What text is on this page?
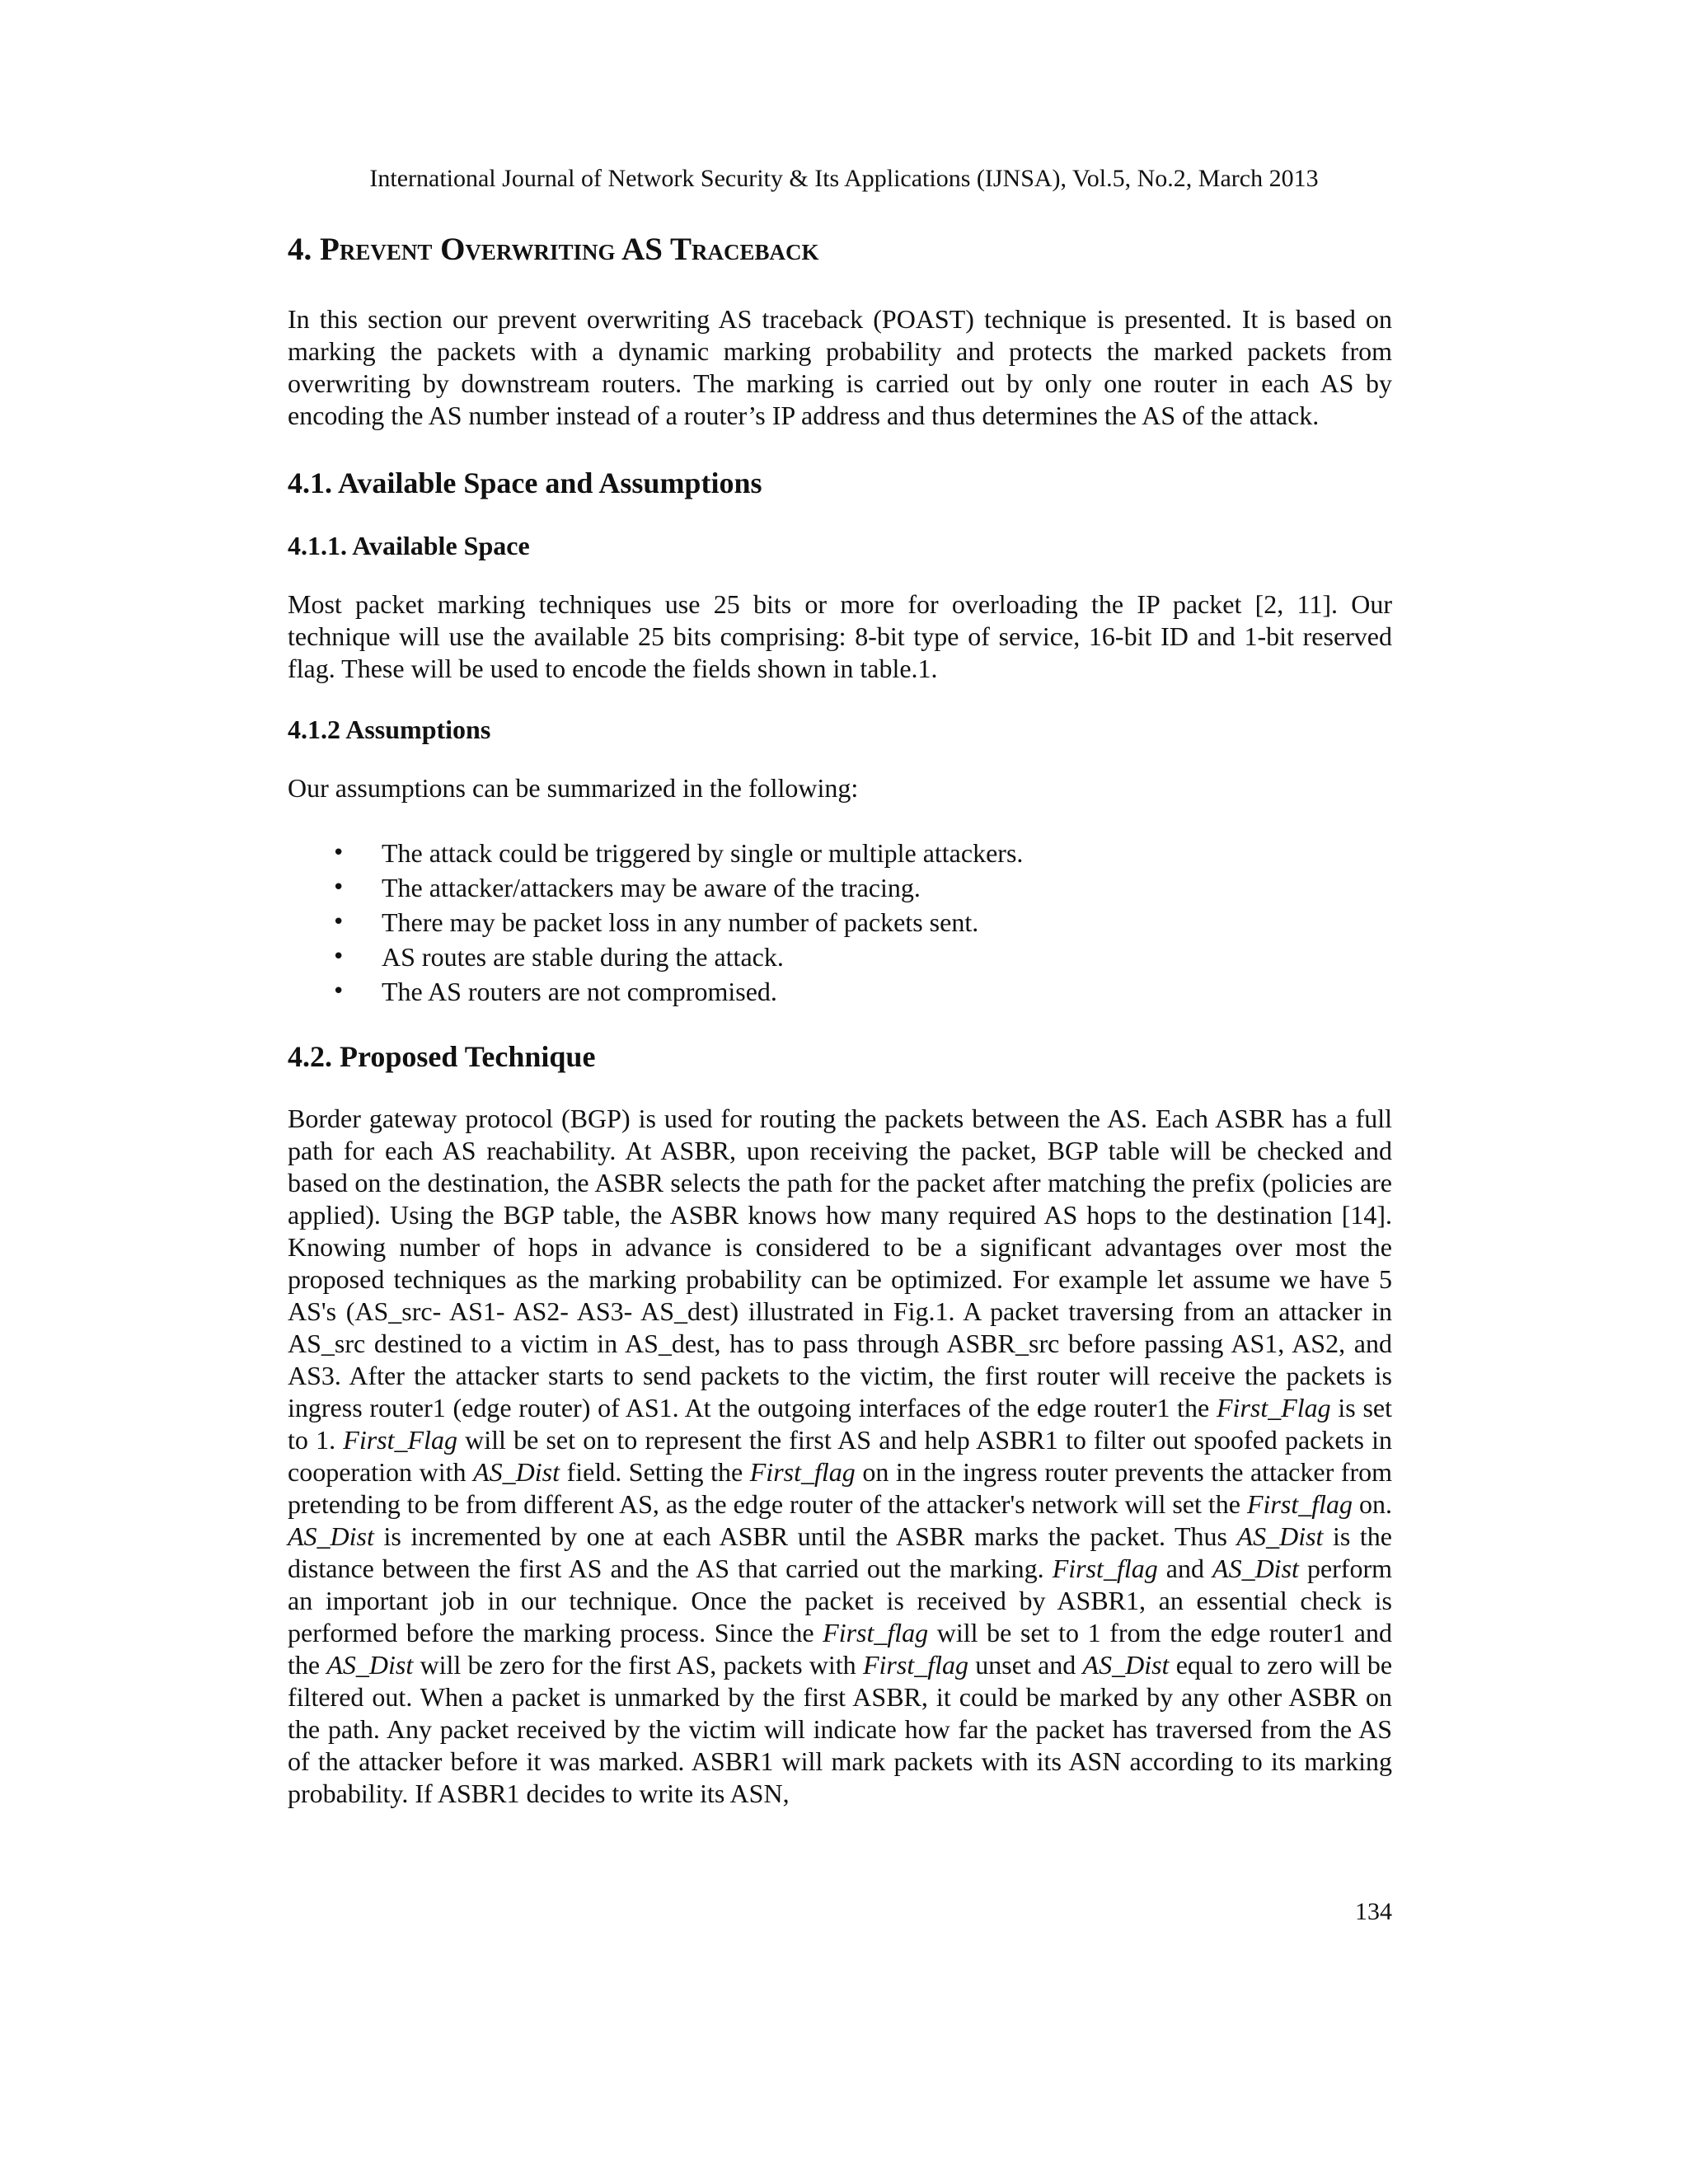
International Journal of Network Security & Its Applications (IJNSA), Vol.5, No.2, March 2013
4. Prevent Overwriting AS Traceback

In this section our prevent overwriting AS traceback (POAST) technique is presented. It is based on marking the packets with a dynamic marking probability and protects the marked packets from overwriting by downstream routers. The marking is carried out by only one router in each AS by encoding the AS number instead of a router’s IP address and thus determines the AS of the attack.

4.1. Available Space and Assumptions
4.1.1. Available Space

Most packet marking techniques use 25 bits or more for overloading the IP packet [2, 11]. Our technique will use the available 25 bits comprising: 8-bit type of service, 16-bit ID and 1-bit reserved flag. These will be used to encode the fields shown in table.1.

4.1.2 Assumptions

Our assumptions can be summarized in the following:

• The attack could be triggered by single or multiple attackers.
• The attacker/attackers may be aware of the tracing.
• There may be packet loss in any number of packets sent.
• AS routes are stable during the attack.
• The AS routers are not compromised.
4.2. Proposed Technique

Border gateway protocol (BGP) is used for routing the packets between the AS. Each ASBR has a full path for each AS reachability. At ASBR, upon receiving the packet, BGP table will be checked and based on the destination, the ASBR selects the path for the packet after matching the prefix (policies are applied). Using the BGP table, the ASBR knows how many required AS hops to the destination [14]. Knowing number of hops in advance is considered to be a significant advantages over most the proposed techniques as the marking probability can be optimized. For example let assume we have 5 AS's (AS_src- AS1- AS2- AS3- AS_dest) illustrated in Fig.1. A packet traversing from an attacker in AS_src destined to a victim in AS_dest, has to pass through ASBR_src before passing AS1, AS2, and AS3. After the attacker starts to send packets to the victim, the first router will receive the packets is ingress router1 (edge router) of AS1. At the outgoing interfaces of the edge router1 the First_Flag is set to 1. First_Flag will be set on to represent the first AS and help ASBR1 to filter out spoofed packets in cooperation with AS_Dist field. Setting the First_flag on in the ingress router prevents the attacker from pretending to be from different AS, as the edge router of the attacker's network will set the First_flag on. AS_Dist is incremented by one at each ASBR until the ASBR marks the packet. Thus AS_Dist is the distance between the first AS and the AS that carried out the marking. First_flag and AS_Dist perform an important job in our technique. Once the packet is received by ASBR1, an essential check is performed before the marking process. Since the First_flag will be set to 1 from the edge router1 and the AS_Dist will be zero for the first AS, packets with First_flag unset and AS_Dist equal to zero will be filtered out. When a packet is unmarked by the first ASBR, it could be marked by any other ASBR on the path. Any packet received by the victim will indicate how far the packet has traversed from the AS of the attacker before it was marked. ASBR1 will mark packets with its ASN according to its marking probability. If ASBR1 decides to write its ASN,

134
